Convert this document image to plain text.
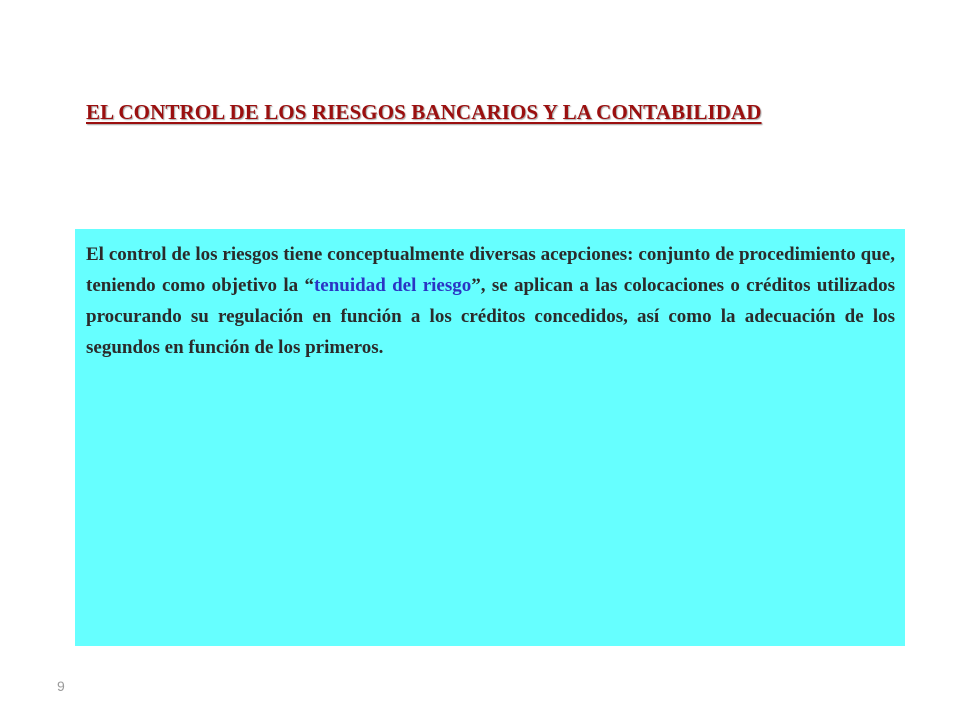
EL CONTROL DE LOS RIESGOS BANCARIOS Y LA CONTABILIDAD

El control de los riesgos tiene conceptualmente diversas acepciones: conjunto de procedimiento que, teniendo como objetivo la “tenuidad del riesgo”, se aplican a las colocaciones o créditos utilizados procurando su regulación en función a los créditos concedidos, así como la adecuación de los segundos en función de los primeros.

9
